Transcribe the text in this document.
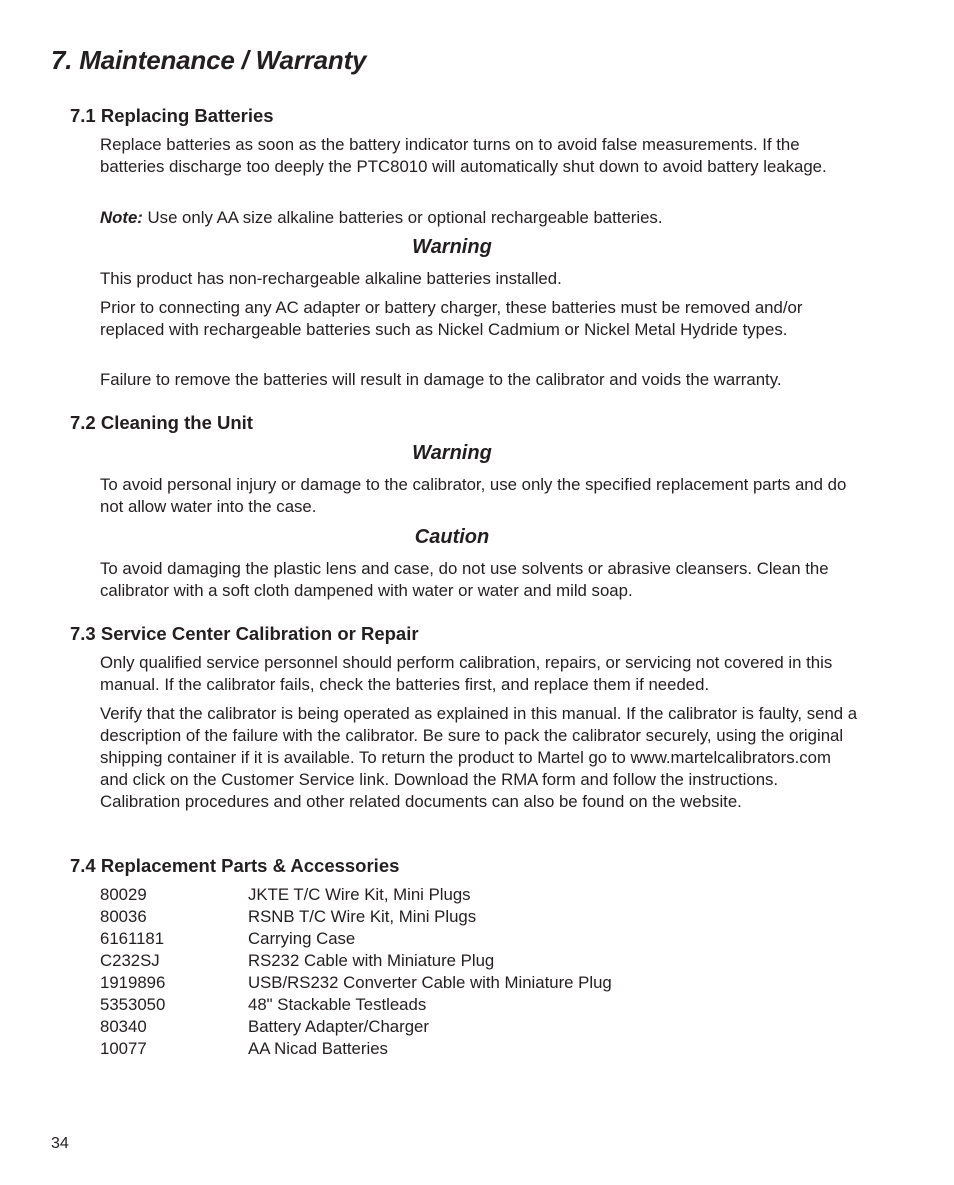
7. Maintenance / Warranty
7.1 Replacing Batteries

Replace batteries as soon as the battery indicator turns on to avoid false measurements. If the batteries discharge too deeply the PTC8010 will automatically shut down to avoid battery leakage.

Note: Use only AA size alkaline batteries or optional rechargeable batteries.

Warning

This product has non-rechargeable alkaline batteries installed.

Prior to connecting any AC adapter or battery charger, these batteries must be removed and/or replaced with rechargeable batteries such as Nickel Cadmium or Nickel Metal Hydride types.

Failure to remove the batteries will result in damage to the calibrator and voids the warranty.

7.2 Cleaning the Unit

Warning

To avoid personal injury or damage to the calibrator, use only the specified replacement parts and do not allow water into the case.

Caution

To avoid damaging the plastic lens and case, do not use solvents or abrasive cleansers. Clean the calibrator with a soft cloth dampened with water or water and mild soap.

7.3 Service Center Calibration or Repair

Only qualified service personnel should perform calibration, repairs, or servicing not covered in this manual. If the calibrator fails, check the batteries first, and replace them if needed.

Verify that the calibrator is being operated as explained in this manual. If the calibrator is faulty, send a description of the failure with the calibrator. Be sure to pack the calibrator securely, using the original shipping container if it is available. To return the product to Martel go to www.martelcalibrators.com and click on the Customer Service link. Download the RMA form and follow the instructions. Calibration procedures and other related documents can also be found on the website.

7.4 Replacement Parts & Accessories
80029	JKTE T/C Wire Kit, Mini Plugs
80036	RSNB T/C Wire Kit, Mini Plugs
6161181	Carrying Case
C232SJ	RS232 Cable with Miniature Plug
1919896	USB/RS232 Converter Cable with Miniature Plug
5353050	48" Stackable Testleads
80340	Battery Adapter/Charger
10077	AA Nicad Batteries

34
